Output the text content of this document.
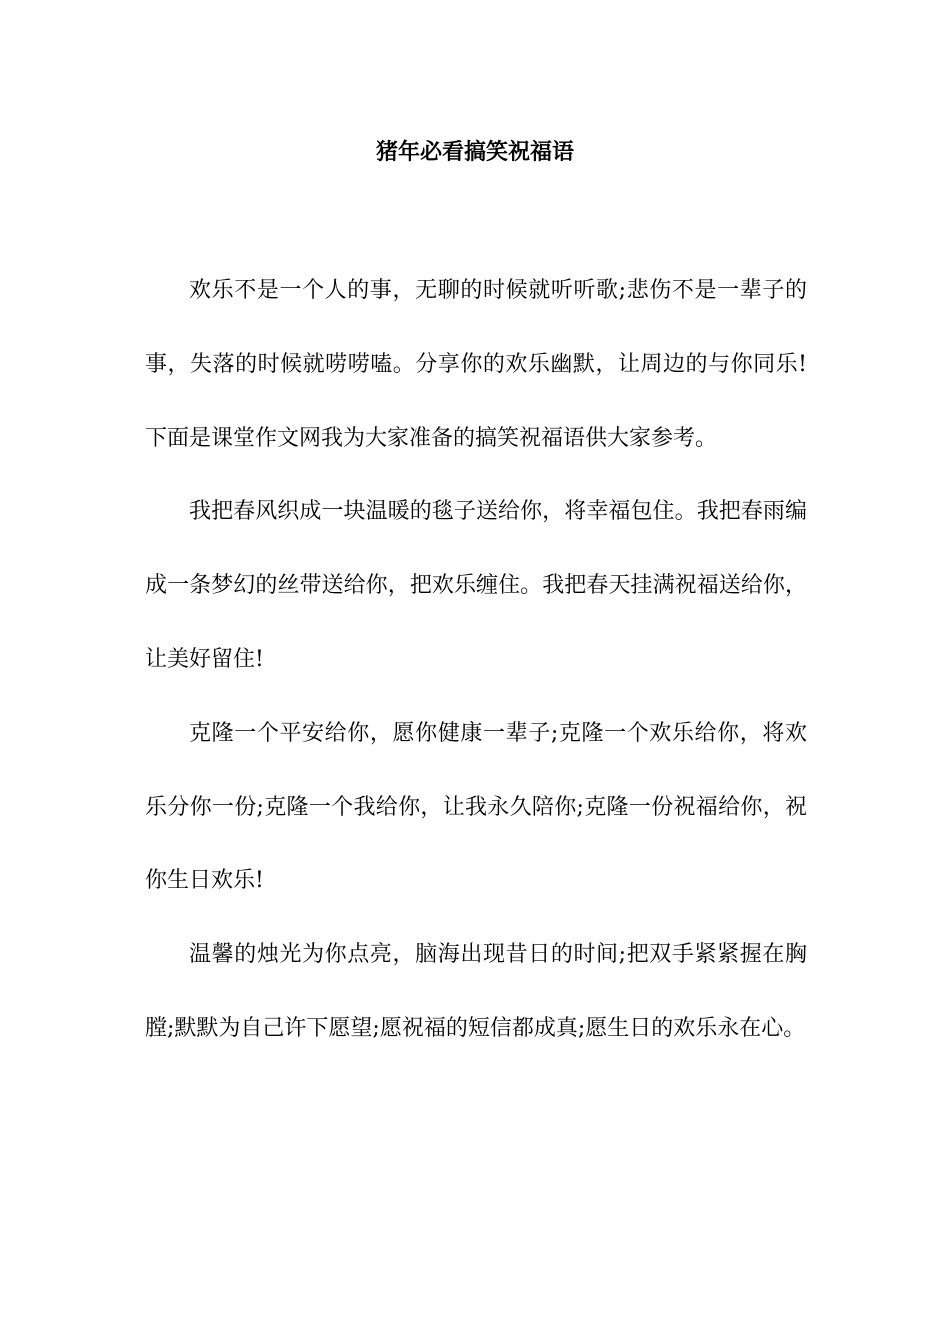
猪年必看搞笑祝福语

欢乐不是一个人的事，无聊的时候就听听歌;悲伤不是一辈子的事，失落的时候就唠唠嗑。分享你的欢乐幽默，让周边的与你同乐!下面是课堂作文网我为大家准备的搞笑祝福语供大家参考。

我把春风织成一块温暖的毯子送给你，将幸福包住。我把春雨编成一条梦幻的丝带送给你，把欢乐缠住。我把春天挂满祝福送给你，让美好留住!

克隆一个平安给你，愿你健康一辈子;克隆一个欢乐给你，将欢乐分你一份;克隆一个我给你，让我永久陪你;克隆一份祝福给你，祝你生日欢乐!

温馨的烛光为你点亮，脑海出现昔日的时间;把双手紧紧握在胸膛;默默为自己许下愿望;愿祝福的短信都成真;愿生日的欢乐永在心。
